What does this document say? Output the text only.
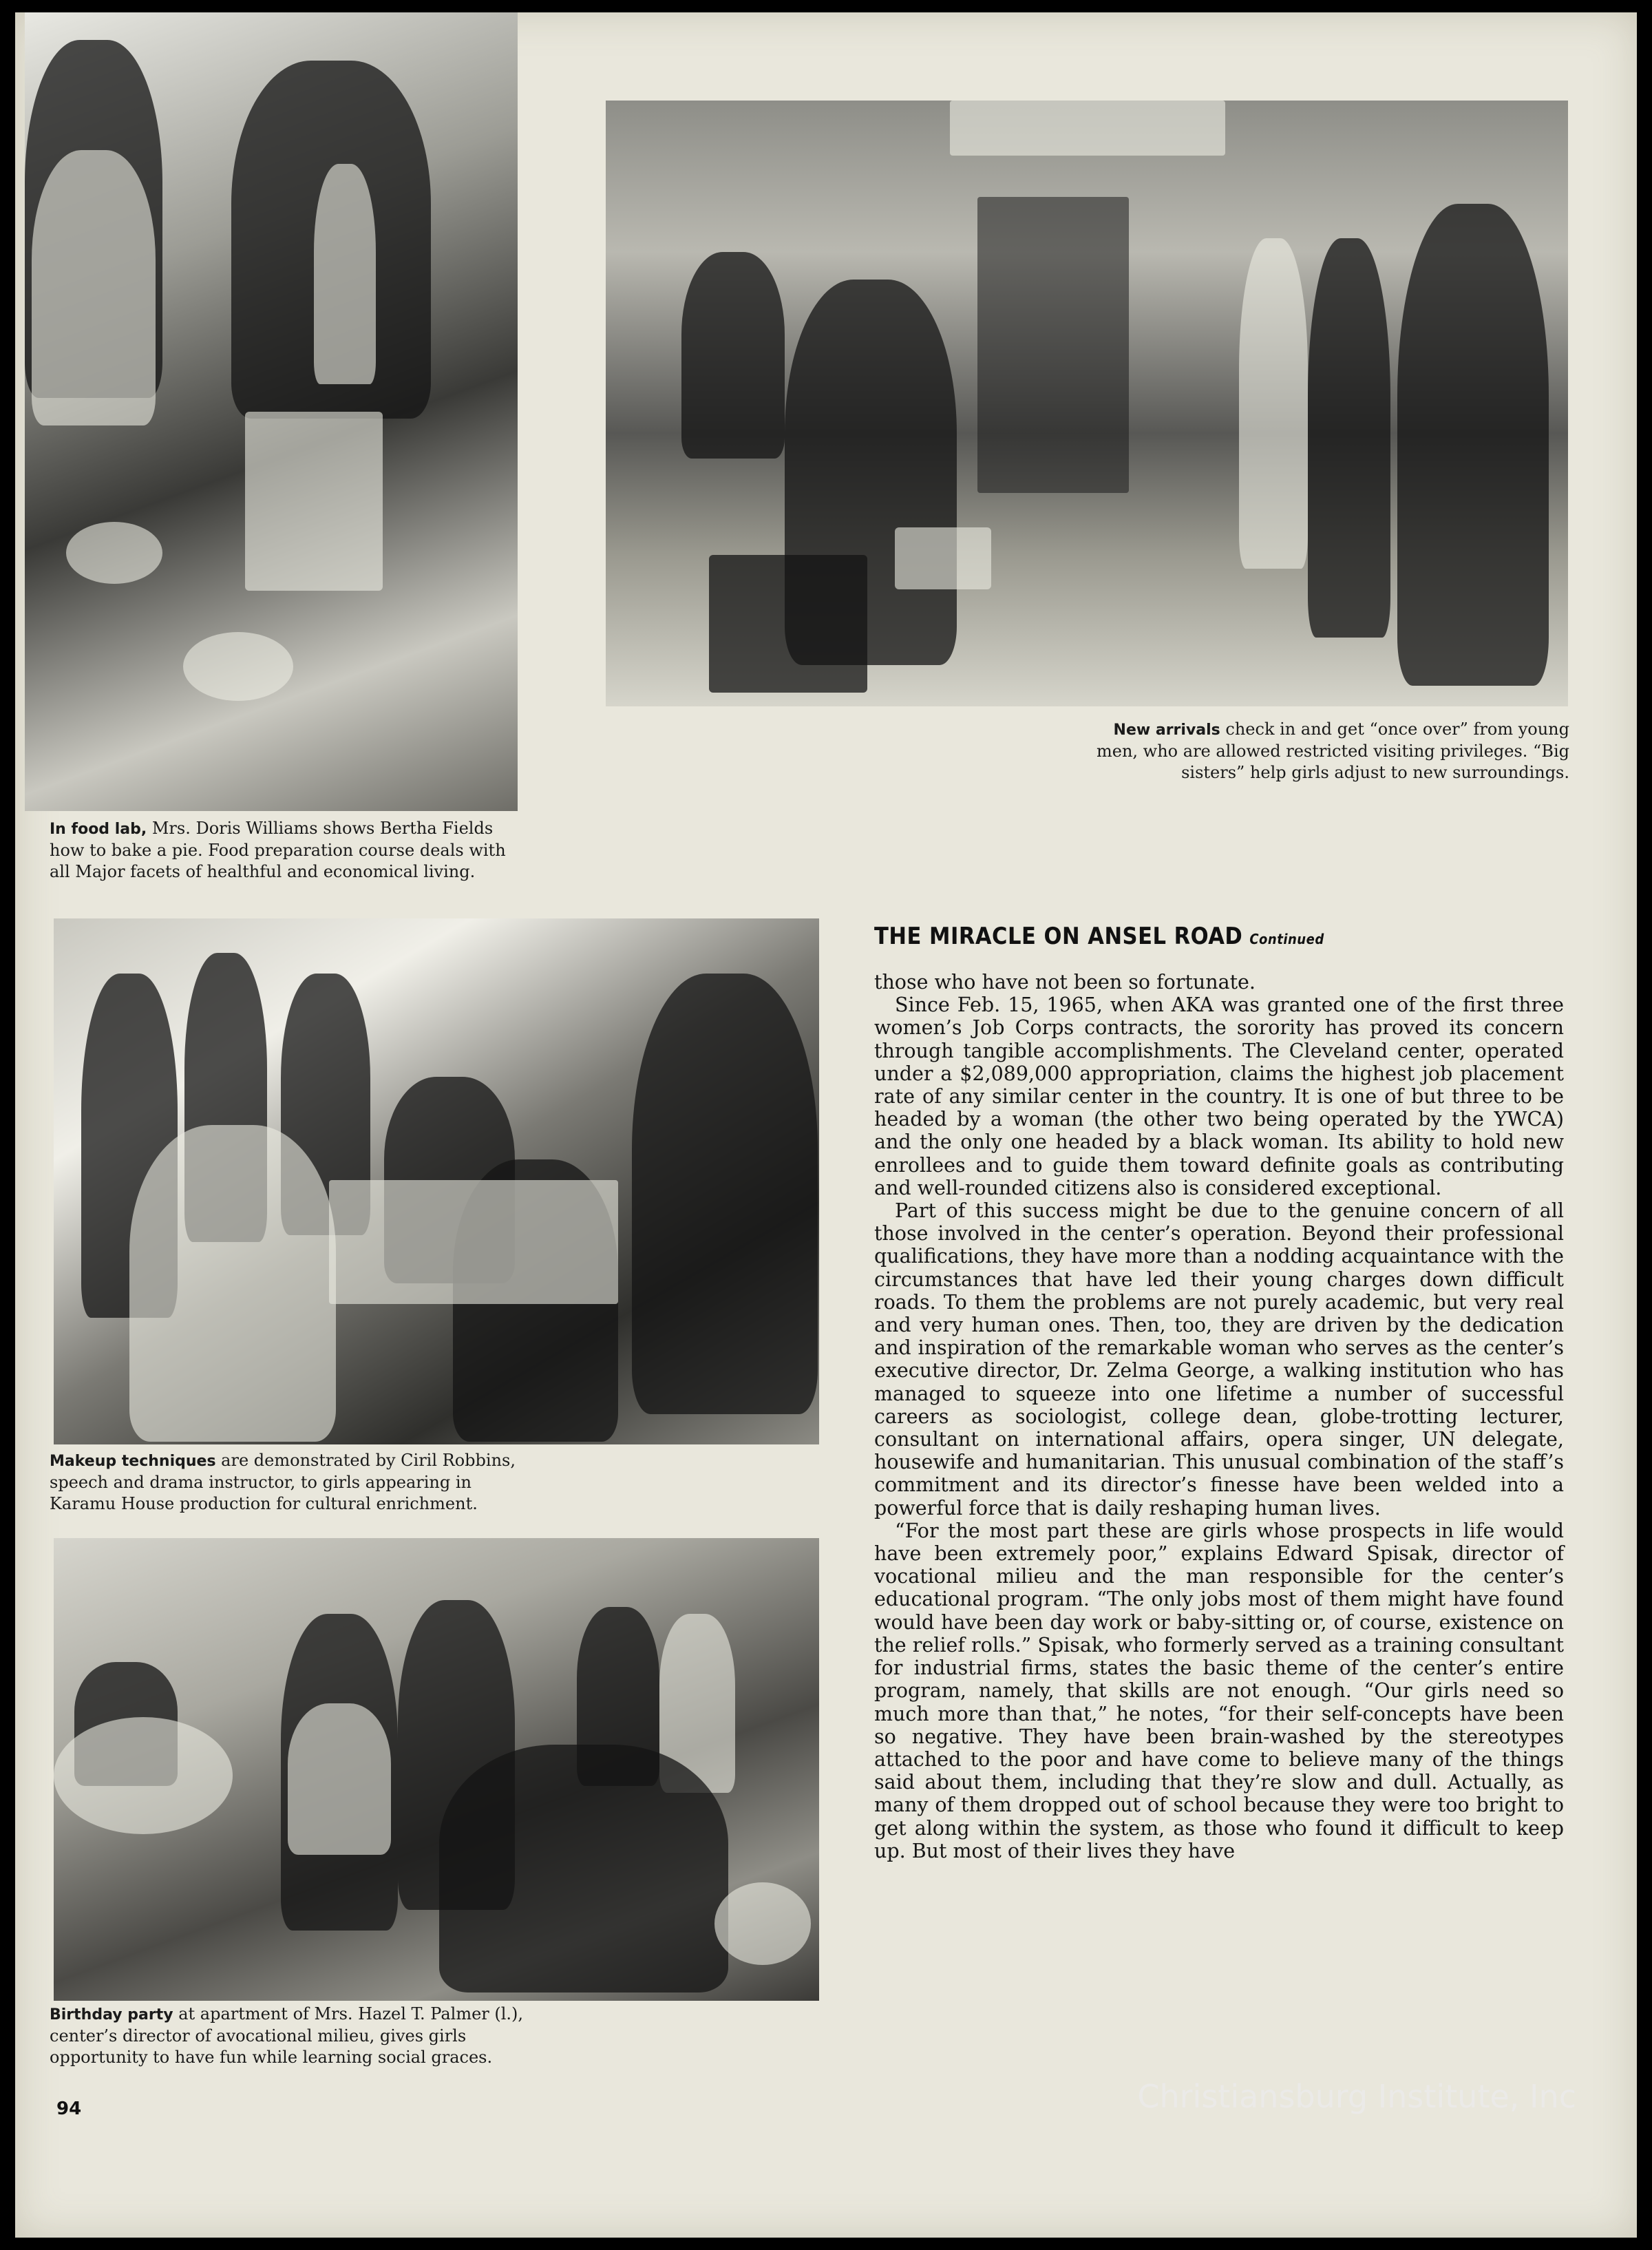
In food lab, Mrs. Doris Williams shows Bertha Fields how to bake a pie. Food preparation course deals with all Major facets of healthful and economical living.
New arrivals check in and get “once over” from young men, who are allowed restricted visiting privileges. “Big sisters” help girls adjust to new surroundings.
Makeup techniques are demonstrated by Ciril Robbins, speech and drama instructor, to girls appearing in Karamu House production for cultural enrichment.
Birthday party at apartment of Mrs. Hazel T. Palmer (l.), center’s director of avocational milieu, gives girls opportunity to have fun while learning social graces.
THE MIRACLE ON ANSEL ROAD Continued

those who have not been so fortunate.

Since Feb. 15, 1965, when AKA was granted one of the first three women’s Job Corps contracts, the sorority has proved its concern through tangible accomplishments. The Cleveland center, operated under a $2,089,000 appropriation, claims the highest job placement rate of any similar center in the country. It is one of but three to be headed by a woman (the other two being operated by the YWCA) and the only one headed by a black woman. Its ability to hold new enrollees and to guide them toward definite goals as contributing and well-rounded citizens also is considered exceptional.

Part of this success might be due to the genuine concern of all those involved in the center’s operation. Beyond their professional qualifications, they have more than a nodding acquaintance with the circumstances that have led their young charges down difficult roads. To them the problems are not purely academic, but very real and very human ones. Then, too, they are driven by the dedication and inspiration of the remarkable woman who serves as the center’s executive director, Dr. Zelma George, a walking institution who has managed to squeeze into one lifetime a number of successful careers as sociologist, college dean, globe-trotting lecturer, consultant on international affairs, opera singer, UN delegate, housewife and humanitarian. This unusual combination of the staff’s commitment and its director’s finesse have been welded into a powerful force that is daily reshaping human lives.

“For the most part these are girls whose prospects in life would have been extremely poor,” explains Edward Spisak, director of vocational milieu and the man responsible for the center’s educational program. “The only jobs most of them might have found would have been day work or baby-sitting or, of course, existence on the relief rolls.” Spisak, who formerly served as a training consultant for industrial firms, states the basic theme of the center’s entire program, namely, that skills are not enough. “Our girls need so much more than that,” he notes, “for their self-concepts have been so negative. They have been brain-washed by the stereotypes attached to the poor and have come to believe many of the things said about them, including that they’re slow and dull. Actually, as many of them dropped out of school because they were too bright to get along within the system, as those who found it difficult to keep up. But most of their lives they have

94	Christiansburg Institute, Inc
